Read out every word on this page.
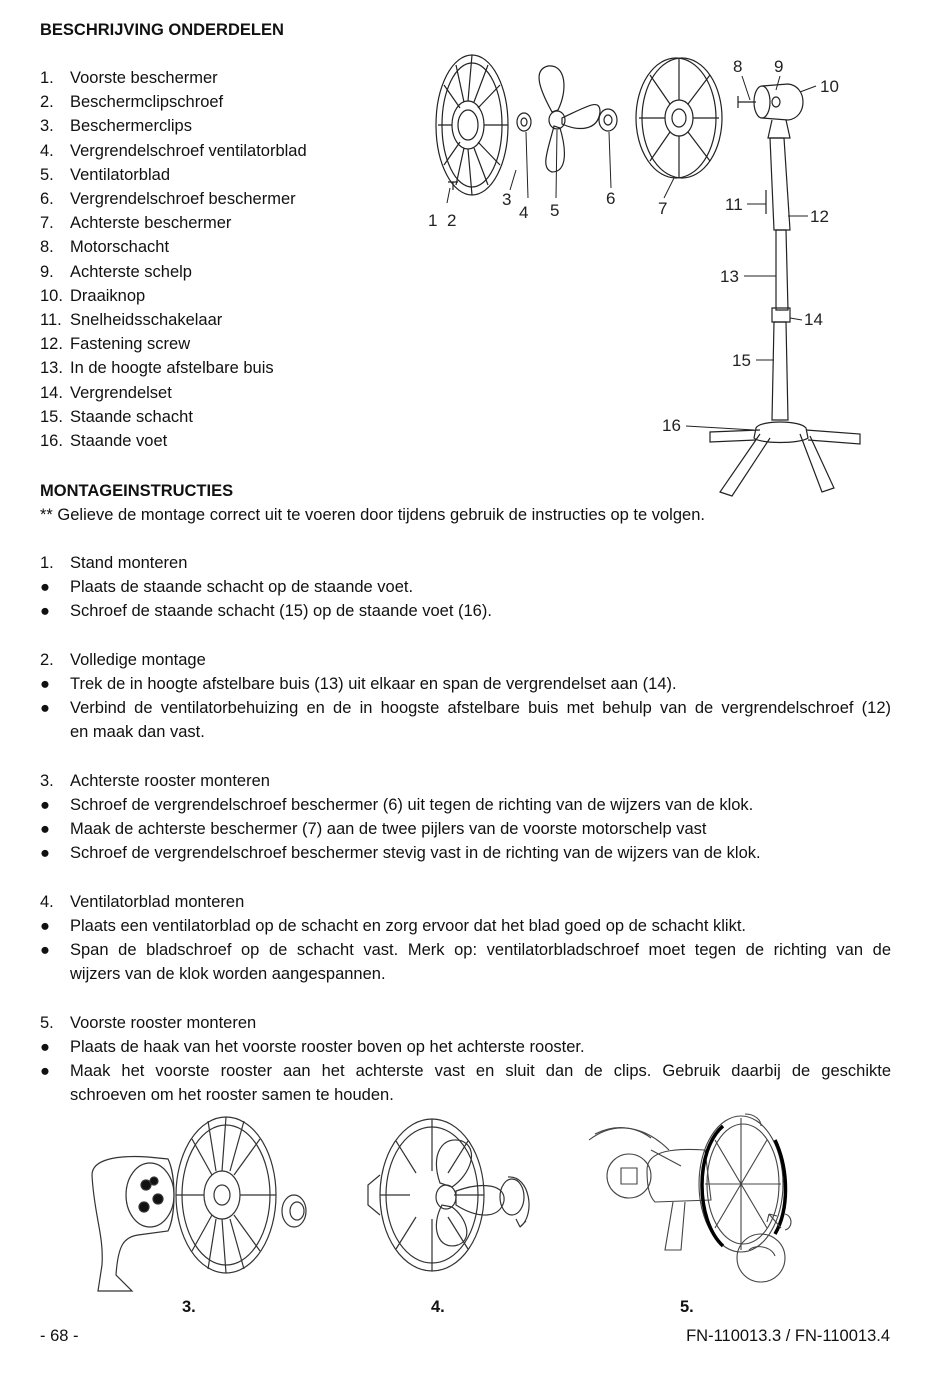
BESCHRIJVING ONDERDELEN
1. Voorste beschermer
2. Beschermclipschroef
3. Beschermerclips
4. Vergrendelschroef ventilatorblad
5. Ventilatorblad
6. Vergrendelschroef beschermer
7. Achterste beschermer
8. Motorschacht
9. Achterste schelp
10. Draaiknop
11. Snelheidsschakelaar
12. Fastening screw
13. In de hoogte afstelbare buis
14. Vergrendelset
15. Staande schacht
16. Staande voet
1 2
3
4 5
6
7
8 9
10
11
12
13
14
15
16
MONTAGEINSTRUCTIES
** Gelieve de montage correct uit te voeren door tijdens gebruik de instructies op te volgen.
1. Stand monteren
●	Plaats de staande schacht op de staande voet.
●	Schroef de staande schacht (15) op de staande voet (16).
2. Volledige montage
●	Trek de in hoogte afstelbare buis (13) uit elkaar en span de vergrendelset aan (14).
●	Verbind de ventilatorbehuizing en de in hoogste afstelbare buis met behulp van de vergrendelschroef (12)
en maak dan vast.
3. Achterste rooster monteren
●	Schroef de vergrendelschroef beschermer (6) uit tegen de richting van de wijzers van de klok.
●	Maak de achterste beschermer (7) aan de twee pijlers van de voorste motorschelp vast
●	Schroef de vergrendelschroef beschermer stevig vast in de richting van de wijzers van de klok.
4. Ventilatorblad monteren
●	Plaats een ventilatorblad op de schacht en zorg ervoor dat het blad goed op de schacht klikt.
●	Span de bladschroef op de schacht vast. Merk op: ventilatorbladschroef moet tegen de richting van de
wijzers van de klok worden aangespannen.
5. Voorste rooster monteren
●	Plaats de haak van het voorste rooster boven op het achterste rooster.
●	Maak het voorste rooster aan het achterste vast en sluit dan de clips. Gebruik daarbij de geschikte
schroeven om het rooster samen te houden.
3.	4.	5.
- 68 -	FN-110013.3 / FN-110013.4
